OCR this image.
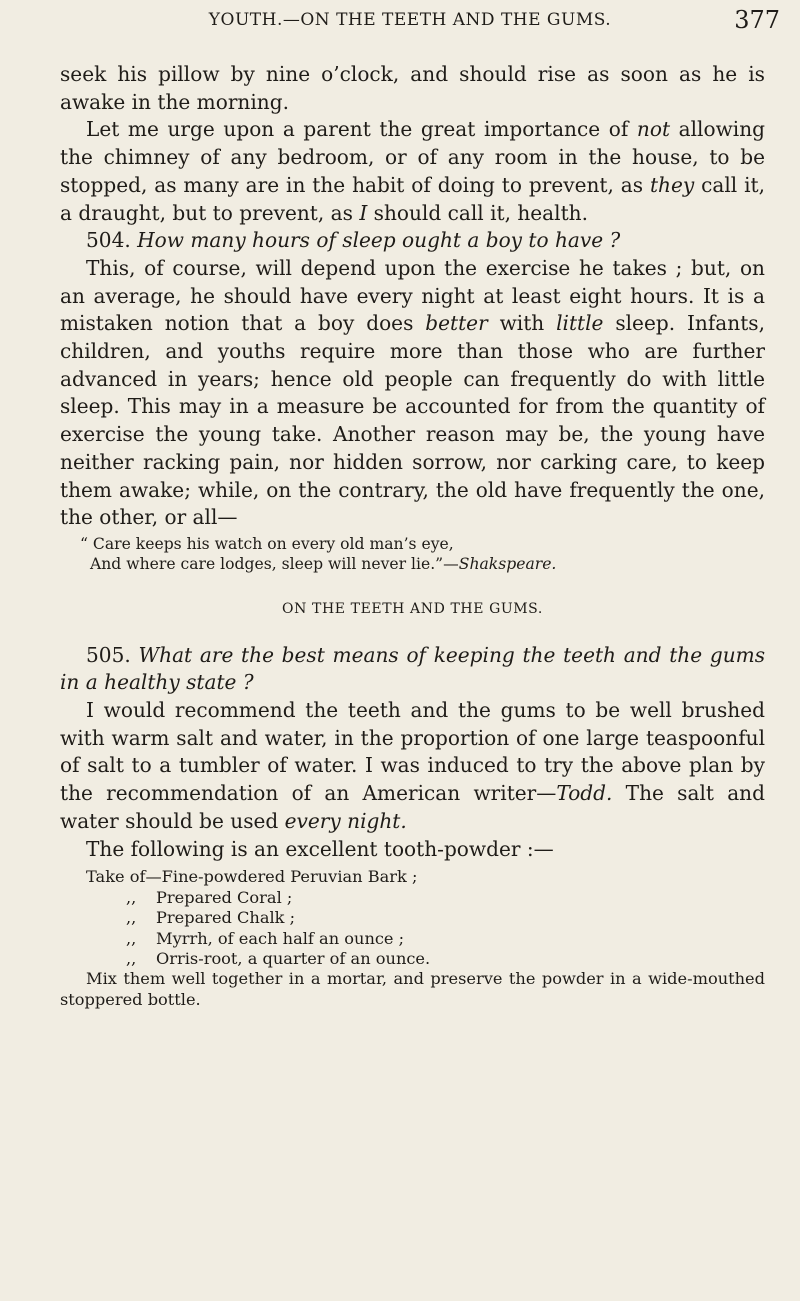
YOUTH.—ON THE TEETH AND THE GUMS.	377

seek his pillow by nine o’clock, and should rise as soon as he is awake in the morning.

Let me urge upon a parent the great importance of not allowing the chimney of any bedroom, or of any room in the house, to be stopped, as many are in the habit of doing to prevent, as they call it, a draught, but to prevent, as I should call it, health.

504. How many hours of sleep ought a boy to have ?

This, of course, will depend upon the exercise he takes ; but, on an average, he should have every night at least eight hours. It is a mistaken notion that a boy does better with little sleep. Infants, children, and youths require more than those who are further advanced in years; hence old people can frequently do with little sleep. This may in a measure be accounted for from the quantity of exercise the young take. Another reason may be, the young have neither racking pain, nor hidden sorrow, nor carking care, to keep them awake; while, on the contrary, the old have frequently the one, the other, or all—

“ Care keeps his watch on every old man’s eye,
And where care lodges, sleep will never lie.”—Shakspeare.
ON THE TEETH AND THE GUMS.

505. What are the best means of keeping the teeth and the gums in a healthy state ?

I would recommend the teeth and the gums to be well brushed with warm salt and water, in the proportion of one large teaspoonful of salt to a tumbler of water. I was induced to try the above plan by the recommendation of an American writer—Todd. The salt and water should be used every night.

The following is an excellent tooth-powder :—

Take of—Fine-powdered Peruvian Bark ;
,, Prepared Coral ;
,, Prepared Chalk ;
,, Myrrh, of each half an ounce ;
,, Orris-root, a quarter of an ounce.
Mix them well together in a mortar, and preserve the powder in a wide-mouthed stoppered bottle.
